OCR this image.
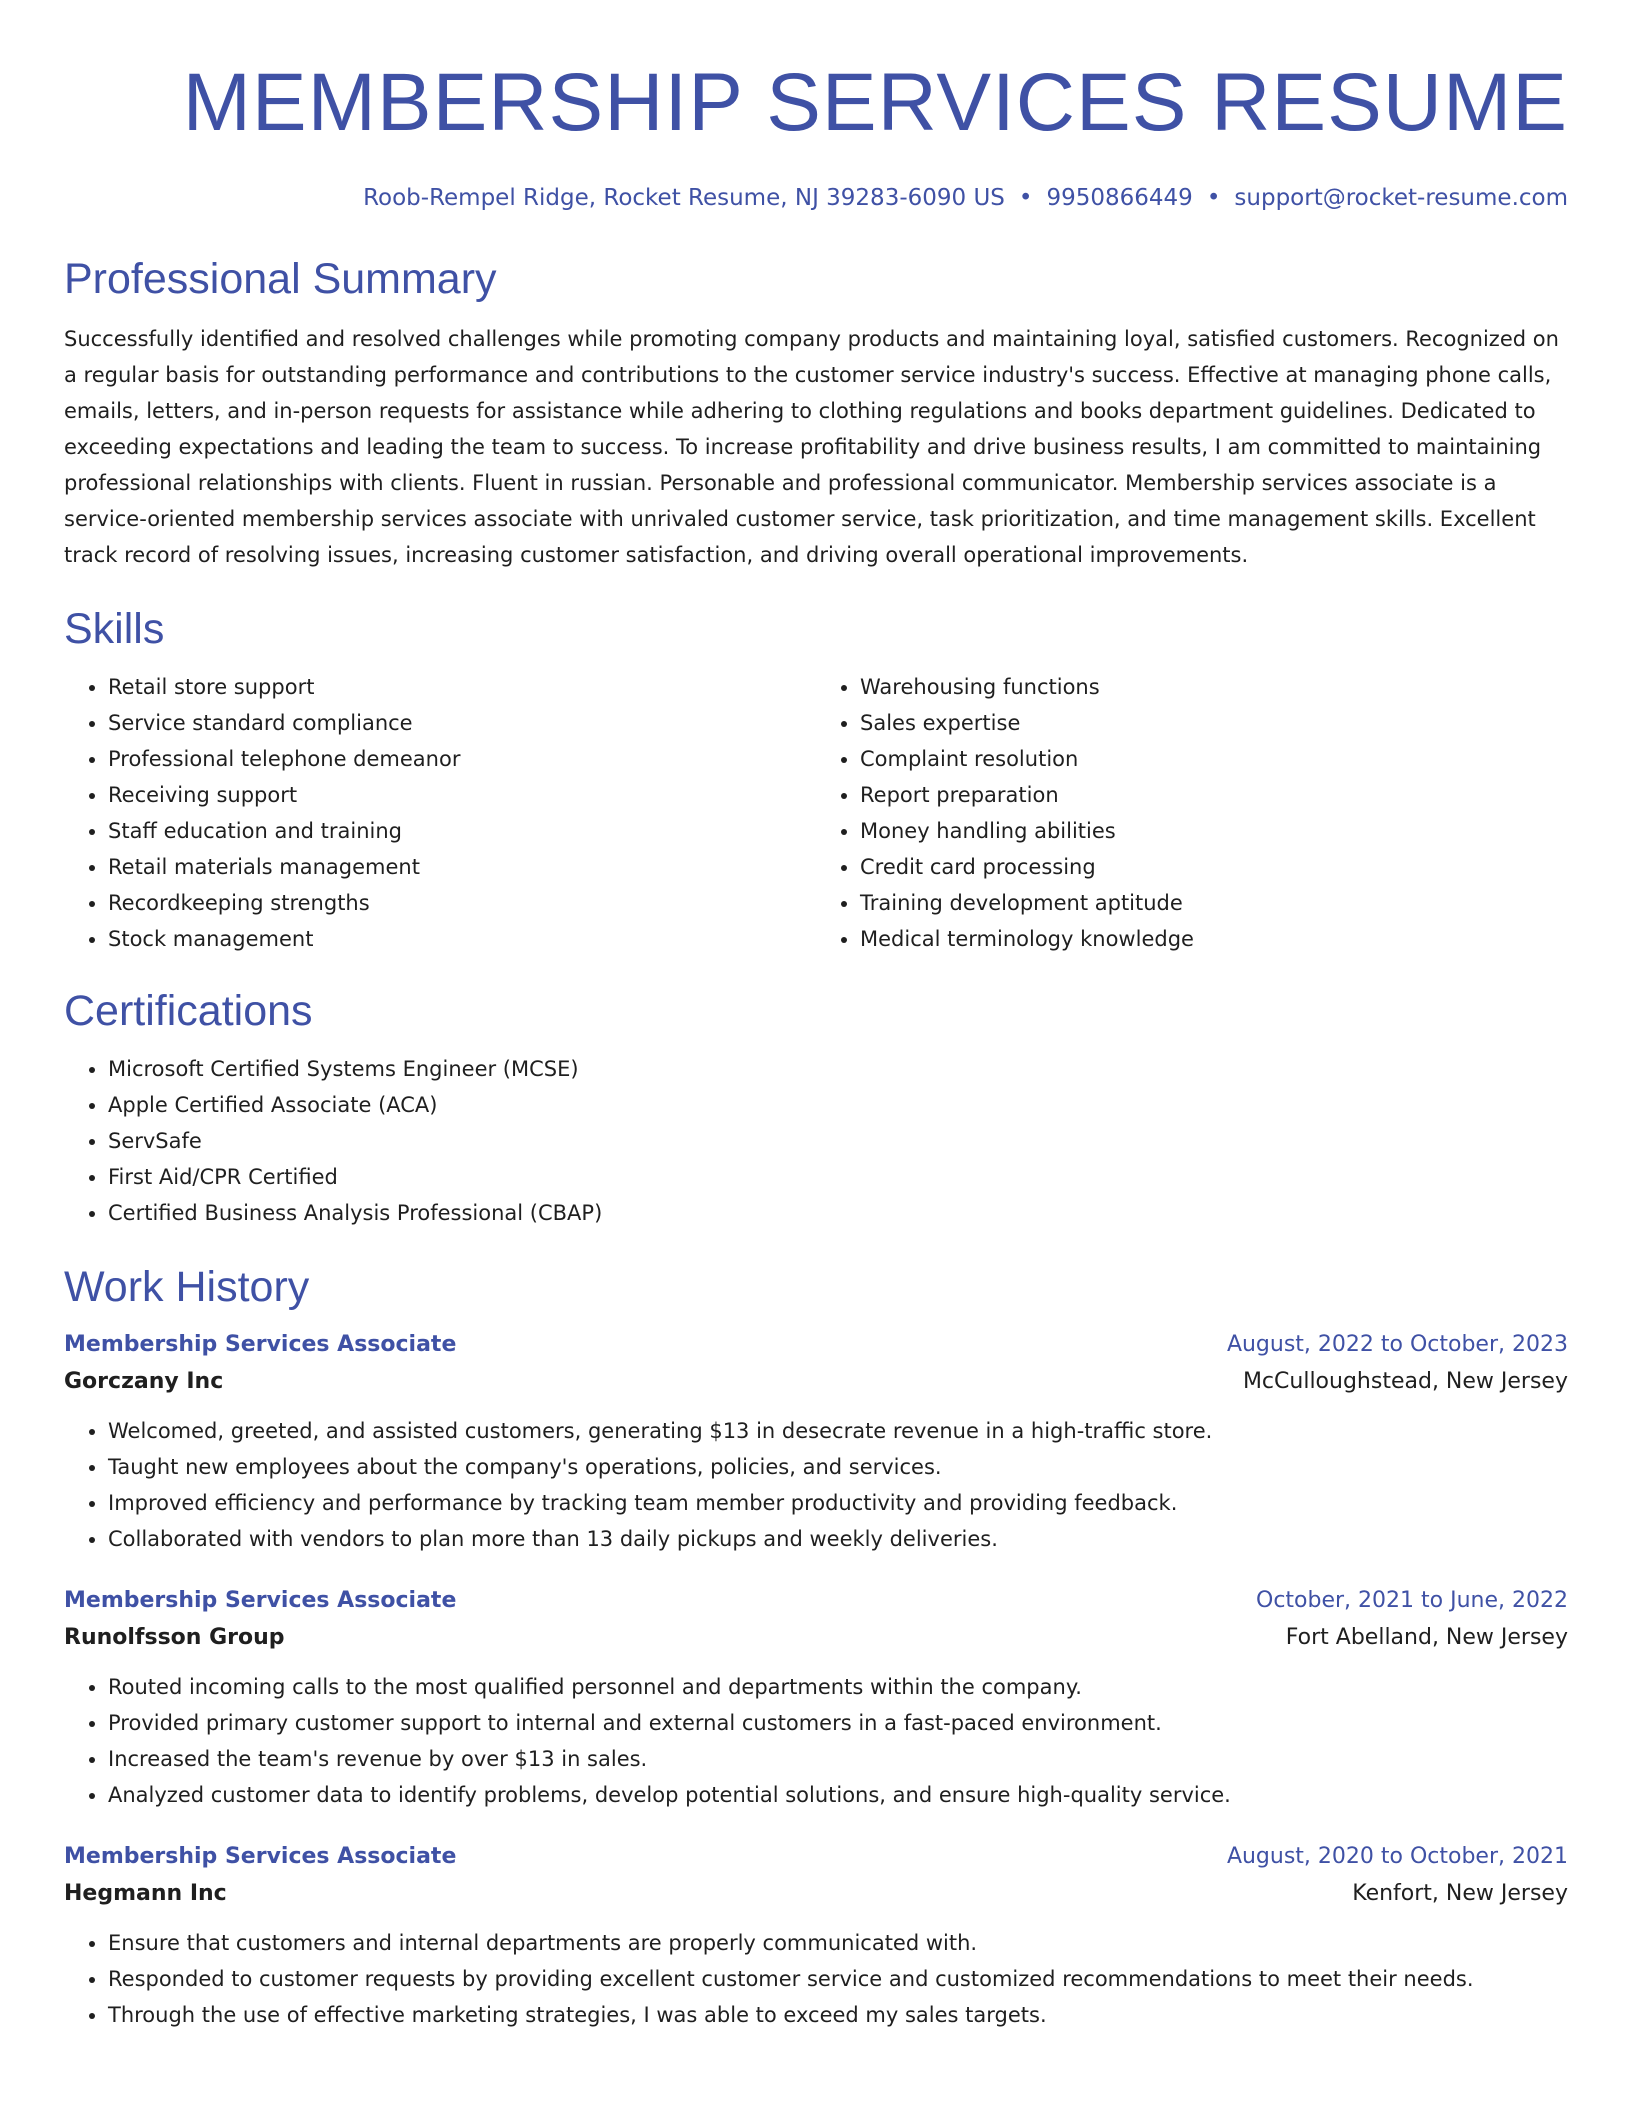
MEMBERSHIP SERVICES RESUME
Roob-Rempel Ridge, Rocket Resume, NJ 39283-6090 US • 9950866449 • support@rocket-resume.com
Professional Summary

Successfully identified and resolved challenges while promoting company products and maintaining loyal, satisfied customers. Recognized on a regular basis for outstanding performance and contributions to the customer service industry's success. Effective at managing phone calls, emails, letters, and in-person requests for assistance while adhering to clothing regulations and books department guidelines. Dedicated to exceeding expectations and leading the team to success. To increase profitability and drive business results, I am committed to maintaining professional relationships with clients. Fluent in russian. Personable and professional communicator. Membership services associate is a service-oriented membership services associate with unrivaled customer service, task prioritization, and time management skills. Excellent track record of resolving issues, increasing customer satisfaction, and driving overall operational improvements.

Skills
• Retail store support
• Service standard compliance
• Professional telephone demeanor
• Receiving support
• Staff education and training
• Retail materials management
• Recordkeeping strengths
• Stock management
• Warehousing functions
• Sales expertise
• Complaint resolution
• Report preparation
• Money handling abilities
• Credit card processing
• Training development aptitude
• Medical terminology knowledge
Certifications
• Microsoft Certified Systems Engineer (MCSE)
• Apple Certified Associate (ACA)
• ServSafe
• First Aid/CPR Certified
• Certified Business Analysis Professional (CBAP)
Work History
Membership Services Associate	August, 2022 to October, 2023
Gorczany Inc	McCulloughstead, New Jersey
• Welcomed, greeted, and assisted customers, generating $13 in desecrate revenue in a high-traffic store.
• Taught new employees about the company's operations, policies, and services.
• Improved efficiency and performance by tracking team member productivity and providing feedback.
• Collaborated with vendors to plan more than 13 daily pickups and weekly deliveries.
Membership Services Associate	October, 2021 to June, 2022
Runolfsson Group	Fort Abelland, New Jersey
• Routed incoming calls to the most qualified personnel and departments within the company.
• Provided primary customer support to internal and external customers in a fast-paced environment.
• Increased the team's revenue by over $13 in sales.
• Analyzed customer data to identify problems, develop potential solutions, and ensure high-quality service.
Membership Services Associate	August, 2020 to October, 2021
Hegmann Inc	Kenfort, New Jersey
• Ensure that customers and internal departments are properly communicated with.
• Responded to customer requests by providing excellent customer service and customized recommendations to meet their needs.
• Through the use of effective marketing strategies, I was able to exceed my sales targets.
